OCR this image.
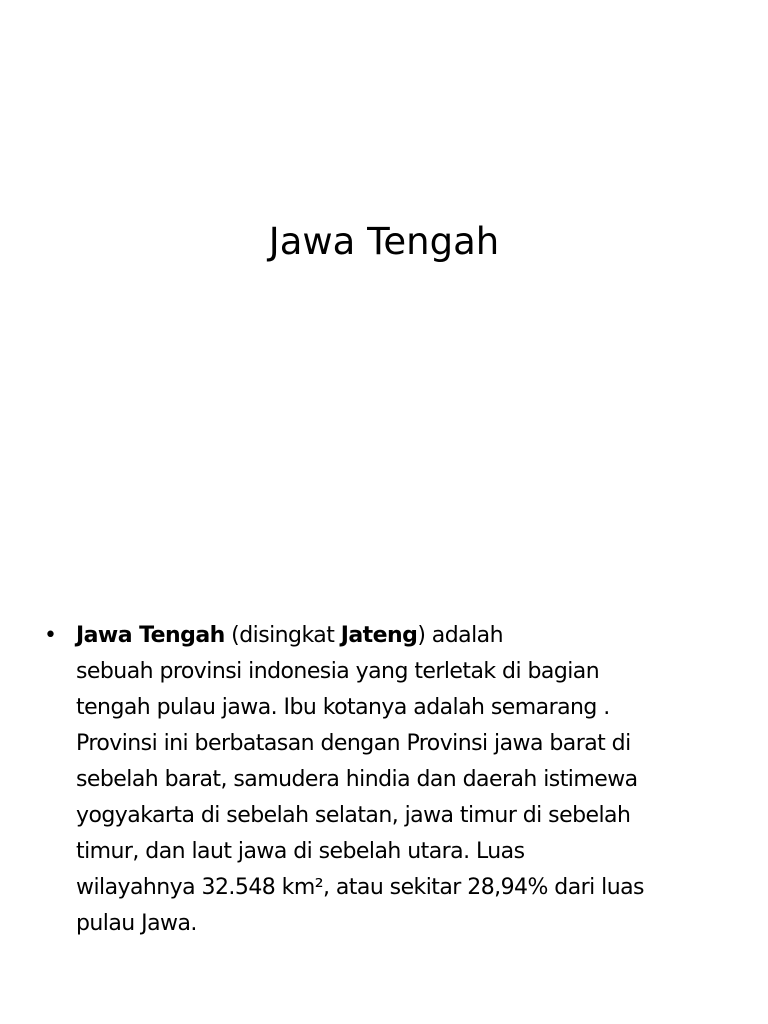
Jawa Tengah
• Jawa Tengah (disingkat Jateng) adalah
sebuah provinsi indonesia yang terletak di bagian
tengah pulau jawa. Ibu kotanya adalah semarang .
Provinsi ini berbatasan dengan Provinsi jawa barat di
sebelah barat, samudera hindia dan daerah istimewa
yogyakarta di sebelah selatan, jawa timur di sebelah
timur, dan laut jawa di sebelah utara. Luas
wilayahnya 32.548 km², atau sekitar 28,94% dari luas
pulau Jawa.
